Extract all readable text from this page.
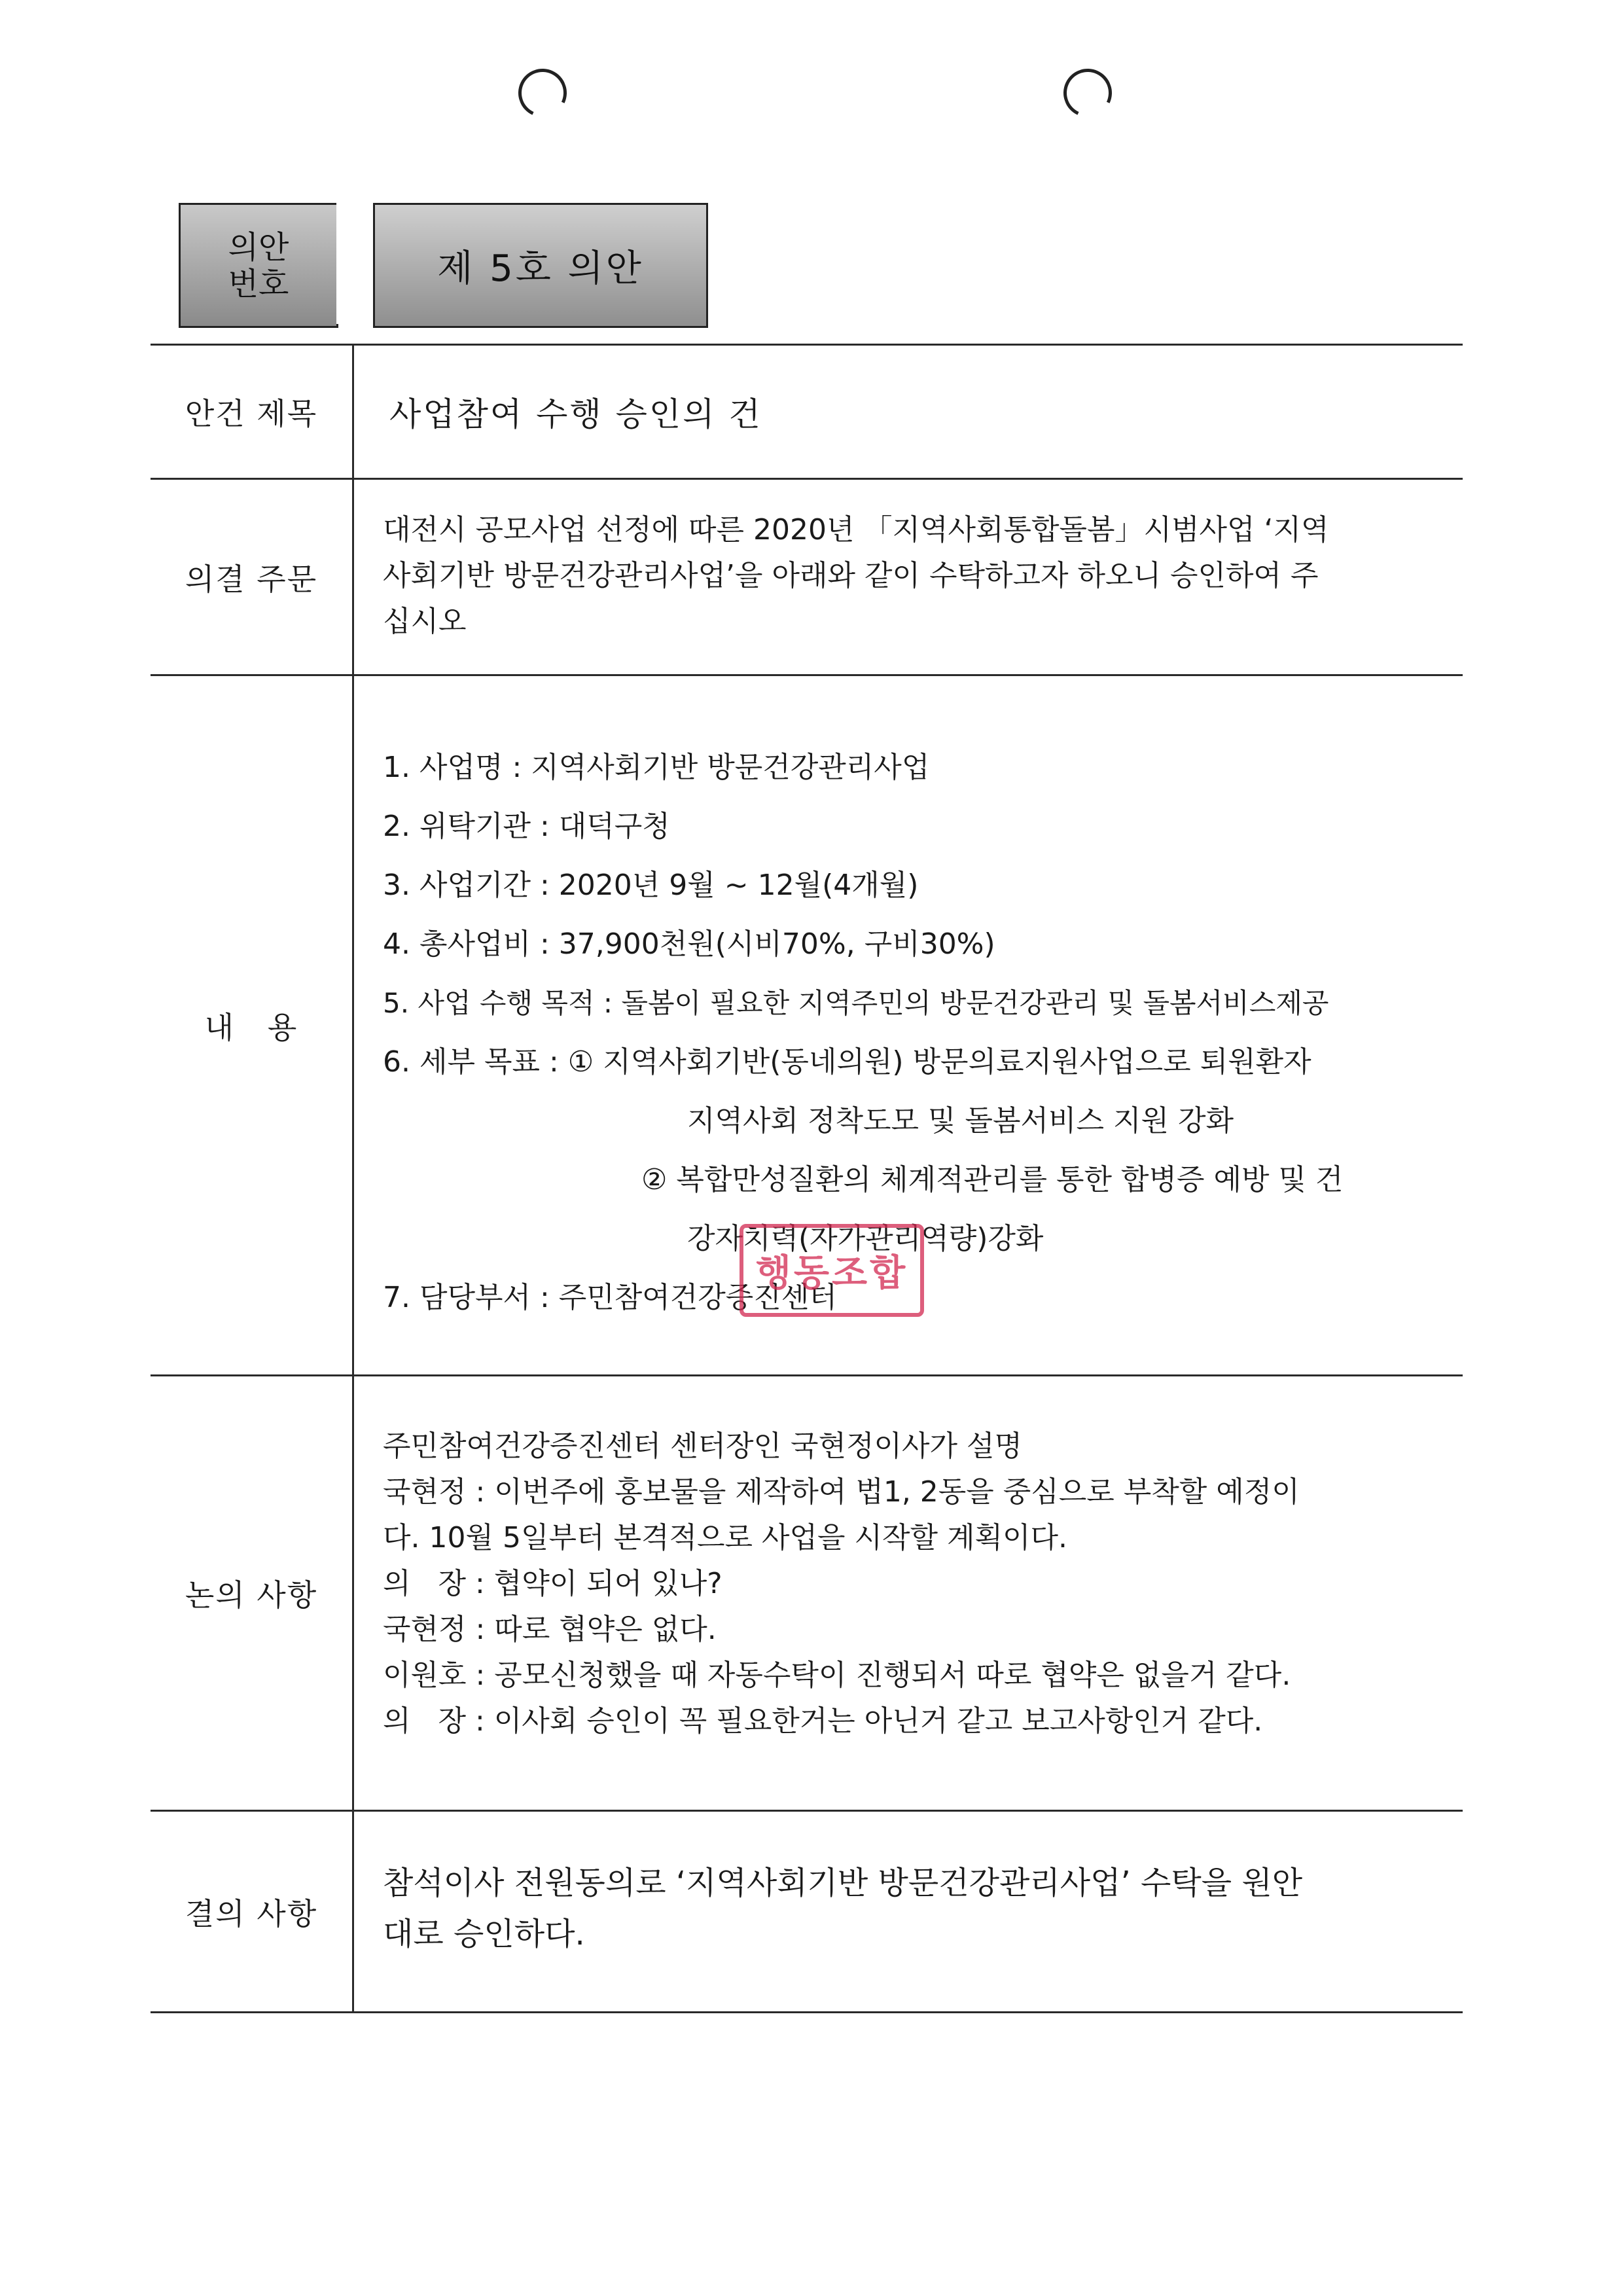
의안
번호	제 5호 의안
안건 제목	사업참여 수행 승인의 건
의결 주문

대전시 공모사업 선정에 따른 2020년 「지역사회통합돌봄」시범사업 ‘지역

사회기반 방문건강관리사업’을 아래와 같이 수탁하고자 하오니 승인하여 주

십시오

내   용

1. 사업명 : 지역사회기반 방문건강관리사업

2. 위탁기관 : 대덕구청

3. 사업기간 : 2020년 9월 ~ 12월(4개월)

4. 총사업비 : 37,900천원(시비70%, 구비30%)

5. 사업 수행 목적 : 돌봄이 필요한 지역주민의 방문건강관리 및 돌봄서비스제공

6. 세부 목표 : ① 지역사회기반(동네의원) 방문의료지원사업으로 퇴원환자

지역사회 정착도모 및 돌봄서비스 지원 강화

② 복합만성질환의 체계적관리를 통한 합병증 예방 및 건

강자치력(자가관리역량)강화

7. 담당부서 : 주민참여건강증진센터

행동조합
논의 사항

주민참여건강증진센터 센터장인 국현정이사가 설명

국현정 : 이번주에 홍보물을 제작하여 법1, 2동을 중심으로 부착할 예정이

다. 10월 5일부터 본격적으로 사업을 시작할 계획이다.

의   장 : 협약이 되어 있나?

국현정 : 따로 협약은 없다.

이원호 : 공모신청했을 때 자동수탁이 진행되서 따로 협약은 없을거 같다.

의   장 : 이사회 승인이 꼭 필요한거는 아닌거 같고 보고사항인거 같다.

결의 사항

참석이사 전원동의로 ‘지역사회기반 방문건강관리사업’ 수탁을 원안

대로 승인하다.
